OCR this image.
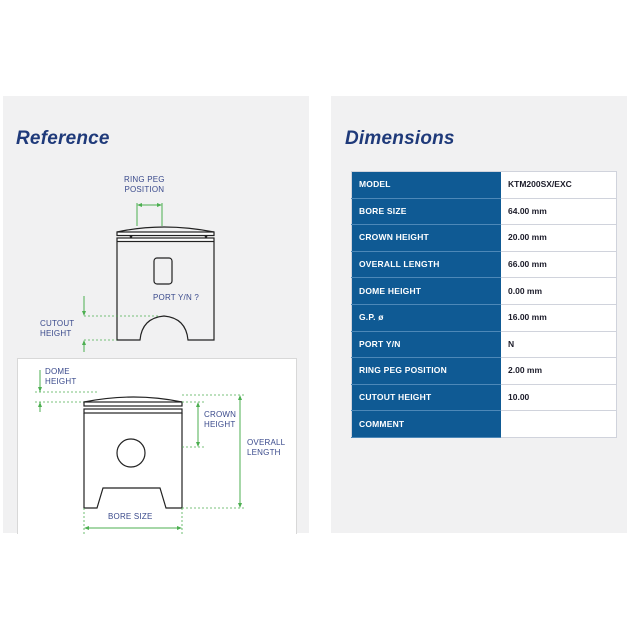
Reference
RING PEG
POSITION
PORT Y/N ?
CUTOUT
HEIGHT
DOME
HEIGHT
CROWN
HEIGHT
OVERALL
LENGTH
BORE SIZE
Dimensions
MODEL	KTM200SX/EXC
BORE SIZE	64.00 mm
CROWN HEIGHT	20.00 mm
OVERALL LENGTH	66.00 mm
DOME HEIGHT	0.00 mm
G.P. ø	16.00 mm
PORT Y/N	N
RING PEG POSITION	2.00 mm
CUTOUT HEIGHT	10.00
COMMENT	
